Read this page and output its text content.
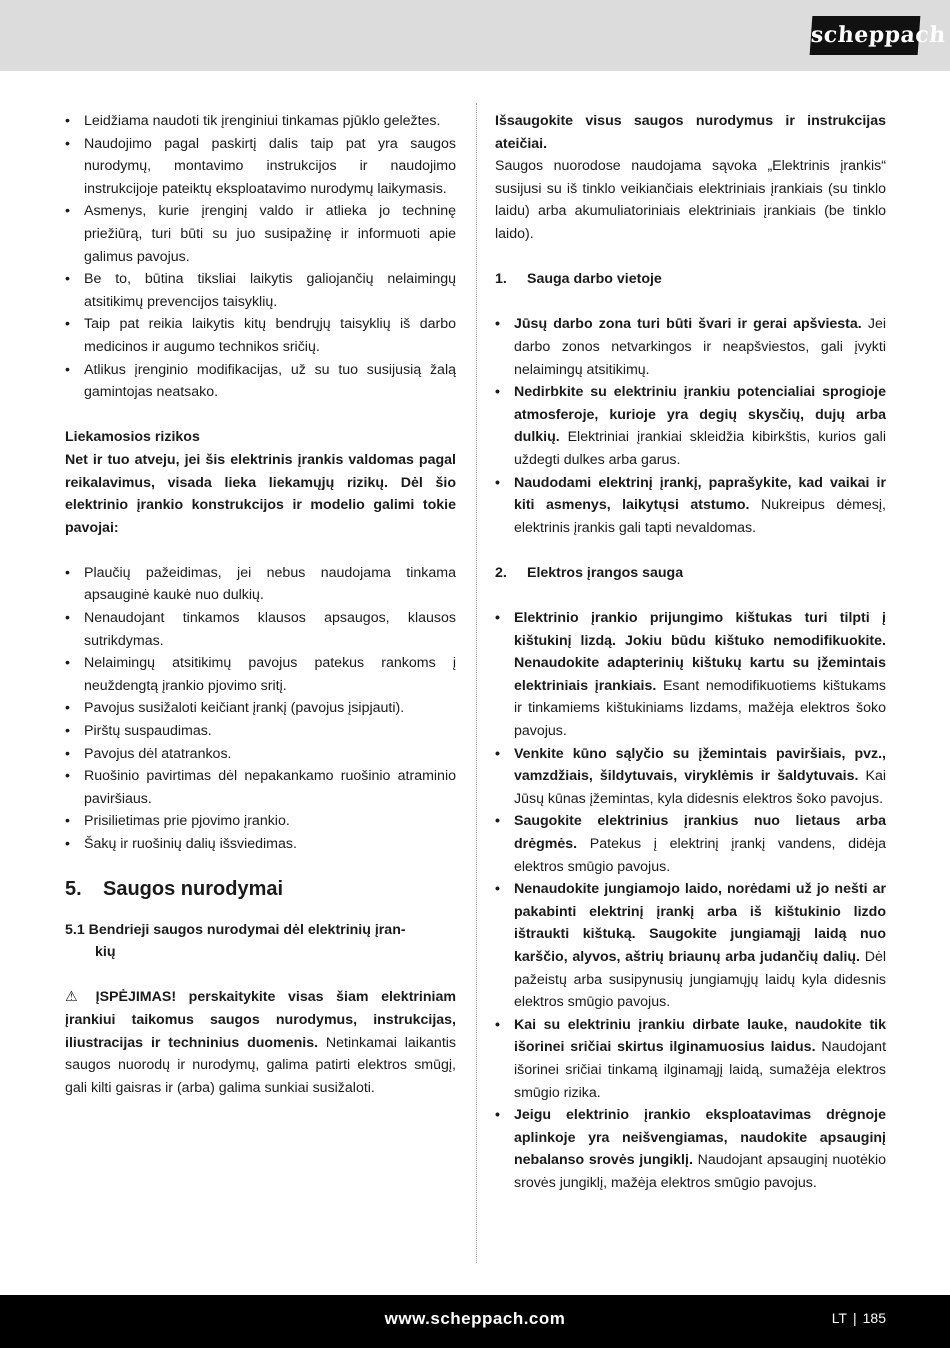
scheppach
• Leidžiama naudoti tik įrenginiui tinkamas pjūklo geležtes.
• Naudojimo pagal paskirtį dalis taip pat yra saugos nurodymų, montavimo instrukcijos ir naudojimo instrukcijoje pateiktų eksploatavimo nurodymų laikymasis.
• Asmenys, kurie įrenginį valdo ir atlieka jo techninę priežiūrą, turi būti su juo susipažinę ir informuoti apie galimus pavojus.
• Be to, būtina tiksliai laikytis galiojančių nelaimingų atsitikimų prevencijos taisyklių.
• Taip pat reikia laikytis kitų bendrųjų taisyklių iš darbo medicinos ir augumo technikos sričių.
• Atlikus įrenginio modifikacijas, už su tuo susijusią žalą gamintojas neatsako.

Liekamosios rizikos

Net ir tuo atveju, jei šis elektrinis įrankis valdomas pagal reikalavimus, visada lieka liekamųjų rizikų. Dėl šio elektrinio įrankio konstrukcijos ir modelio galimi tokie pavojai:

• Plaučių pažeidimas, jei nebus naudojama tinkama apsauginė kaukė nuo dulkių.
• Nenaudojant tinkamos klausos apsaugos, klausos sutrikdymas.
• Nelaimingų atsitikimų pavojus patekus rankoms į neuždengtą įrankio pjovimo sritį.
• Pavojus susižaloti keičiant įrankį (pavojus įsipjauti).
• Pirštų suspaudimas.
• Pavojus dėl atatrankos.
• Ruošinio pavirtimas dėl nepakankamo ruošinio atraminio paviršiaus.
• Prisilietimas prie pjovimo įrankio.
• Šakų ir ruošinių dalių išsviedimas.
5. Saugos nurodymai
5.1 Bendrieji saugos nurodymai dėl elektrinių įran-
kių

⚠ ĮSPĖJIMAS! perskaitykite visas šiam elektriniam įrankiui taikomus saugos nurodymus, instrukcijas, iliustracijas ir techninius duomenis. Netinkamai laikantis saugos nuorodų ir nurodymų, galima patirti elektros smūgį, gali kilti gaisras ir (arba) galima sunkiai susižaloti.

Išsaugokite visus saugos nurodymus ir instrukcijas ateičiai.

Saugos nuorodose naudojama sąvoka „Elektrinis įrankis“ susijusi su iš tinklo veikiančiais elektriniais įrankiais (su tinklo laidu) arba akumuliatoriniais elektriniais įrankiais (be tinklo laido).

1. Sauga darbo vietoje
• Jūsų darbo zona turi būti švari ir gerai apšviesta. Jei darbo zonos netvarkingos ir neapšviestos, gali įvykti nelaimingų atsitikimų.
• Nedirbkite su elektriniu įrankiu potencialiai sprogioje atmosferoje, kurioje yra degių skysčių, dujų arba dulkių. Elektriniai įrankiai skleidžia kibirkštis, kurios gali uždegti dulkes arba garus.
• Naudodami elektrinį įrankį, paprašykite, kad vaikai ir kiti asmenys, laikytųsi atstumo. Nukreipus dėmesį, elektrinis įrankis gali tapti nevaldomas.
2. Elektros įrangos sauga
• Elektrinio įrankio prijungimo kištukas turi tilpti į kištukinį lizdą. Jokiu būdu kištuko nemodifikuokite. Nenaudokite adapterinių kištukų kartu su įžemintais elektriniais įrankiais. Esant nemodifikuotiems kištukams ir tinkamiems kištukiniams lizdams, mažėja elektros šoko pavojus.
• Venkite kūno sąlyčio su įžemintais paviršiais, pvz., vamzdžiais, šildytuvais, viryklėmis ir šaldytuvais. Kai Jūsų kūnas įžemintas, kyla didesnis elektros šoko pavojus.
• Saugokite elektrinius įrankius nuo lietaus arba drėgmės. Patekus į elektrinį įrankį vandens, didėja elektros smūgio pavojus.
• Nenaudokite jungiamojo laido, norėdami už jo nešti ar pakabinti elektrinį įrankį arba iš kištukinio lizdo ištraukti kištuką. Saugokite jungiamąjį laidą nuo karščio, alyvos, aštrių briaunų arba judančių dalių. Dėl pažeistų arba susipynusių jungiamųjų laidų kyla didesnis elektros smūgio pavojus.
• Kai su elektriniu įrankiu dirbate lauke, naudokite tik išorinei sričiai skirtus ilginamuosius laidus. Naudojant išorinei sričiai tinkamą ilginamąjį laidą, sumažėja elektros smūgio rizika.
• Jeigu elektrinio įrankio eksploatavimas drėgnoje aplinkoje yra neišvengiamas, naudokite apsauginį nebalanso srovės jungiklį. Naudojant apsauginį nuotėkio srovės jungiklį, mažėja elektros smūgio pavojus.
www.scheppach.com	LT | 185
